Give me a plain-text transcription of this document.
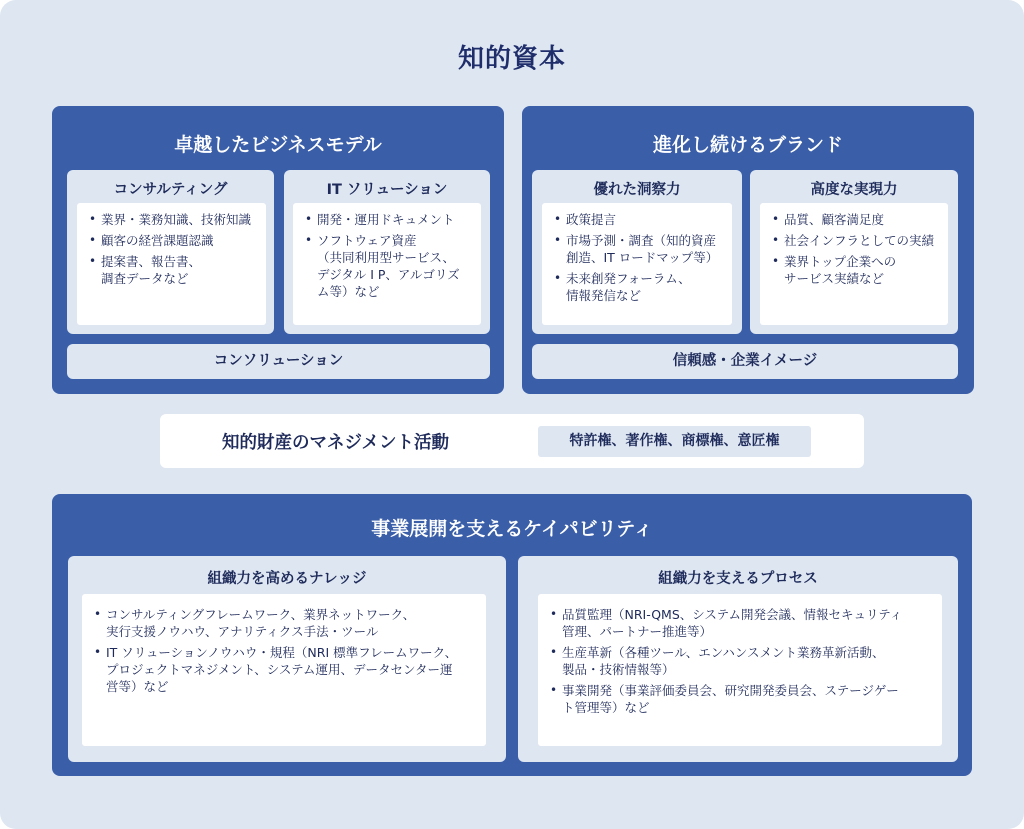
知的資本
卓越したビジネスモデル
コンサルティング
• 業界・業務知識、技術知識
• 顧客の経営課題認識
• 提案書、報告書、
調査データなど
IT ソリューション
• 開発・運用ドキュメント
• ソフトウェア資産
（共同利用型サービス、
デジタル I P、アルゴリズ
ム等）など
コンソリューション
進化し続けるブランド
優れた洞察力
• 政策提言
• 市場予測・調査（知的資産
創造、IT ロードマップ等）
• 未来創発フォーラム、
情報発信など
高度な実現力
• 品質、顧客満足度
• 社会インフラとしての実績
• 業界トップ企業への
サービス実績など
信頼感・企業イメージ
知的財産のマネジメント活動	特許権、著作権、商標権、意匠権
事業展開を支えるケイパビリティ
組織力を高めるナレッジ
• コンサルティングフレームワーク、業界ネットワーク、
実行支援ノウハウ、アナリティクス手法・ツール
• IT ソリューションノウハウ・規程（NRI 標準フレームワーク、
プロジェクトマネジメント、システム運用、データセンター運
営等）など
組織力を支えるプロセス
• 品質監理（NRI-QMS、システム開発会議、情報セキュリティ
管理、パートナー推進等）
• 生産革新（各種ツール、エンハンスメント業務革新活動、
製品・技術情報等）
• 事業開発（事業評価委員会、研究開発委員会、ステージゲー
ト管理等）など
